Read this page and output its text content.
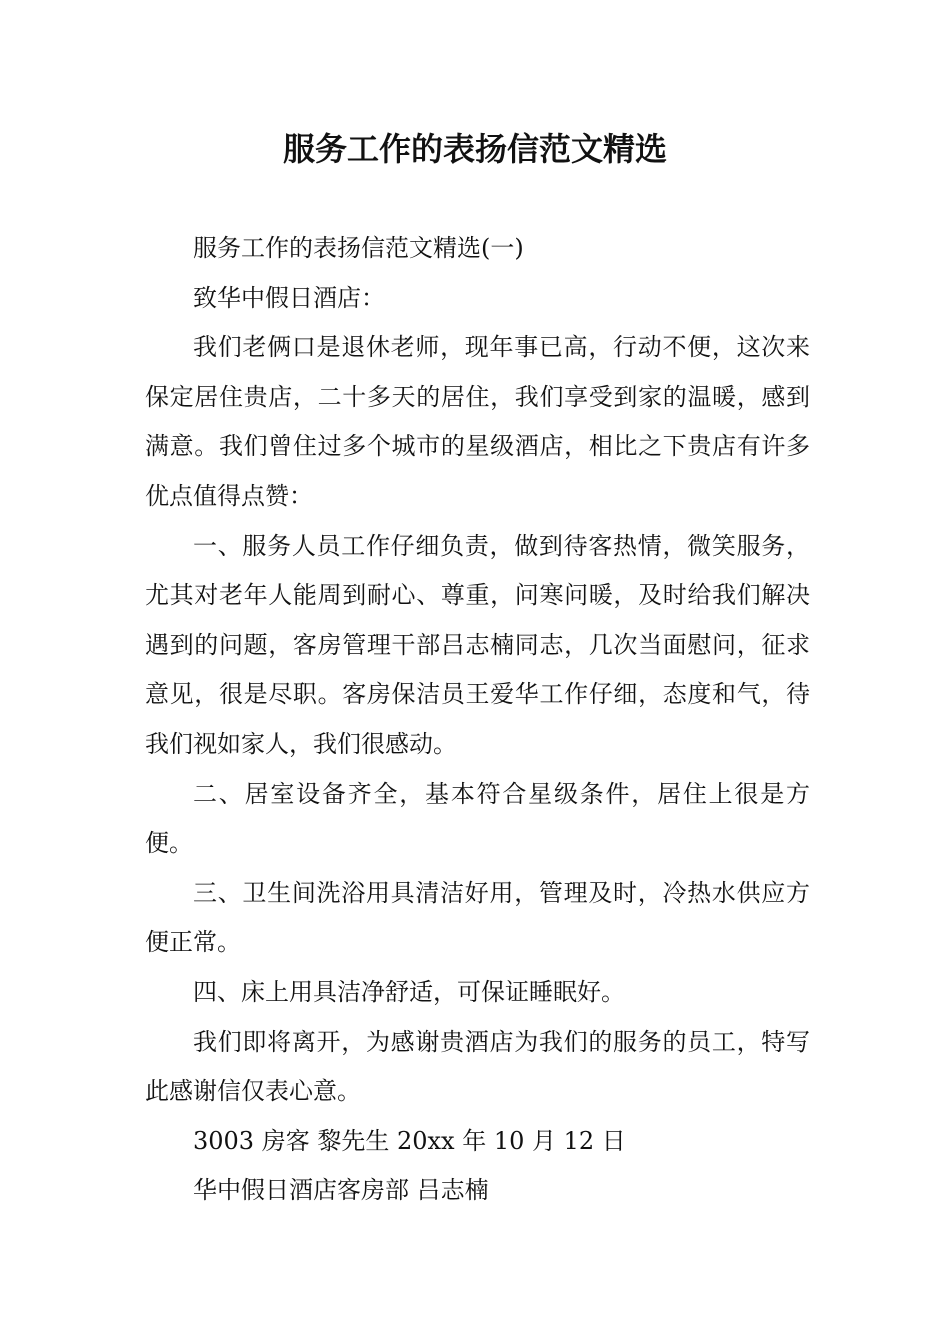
服务工作的表扬信范文精选

服务工作的表扬信范文精选(一)

致华中假日酒店：

我们老俩口是退休老师，现年事已高，行动不便，这次来保定居住贵店，二十多天的居住，我们享受到家的温暖，感到满意。我们曾住过多个城市的星级酒店，相比之下贵店有许多优点值得点赞：

一、服务人员工作仔细负责，做到待客热情，微笑服务，尤其对老年人能周到耐心、尊重，问寒问暖，及时给我们解决遇到的问题，客房管理干部吕志楠同志，几次当面慰问，征求意见，很是尽职。客房保洁员王爱华工作仔细，态度和气，待我们视如家人，我们很感动。

二、居室设备齐全，基本符合星级条件，居住上很是方便。

三、卫生间洗浴用具清洁好用，管理及时，冷热水供应方便正常。

四、床上用具洁净舒适，可保证睡眠好。

我们即将离开，为感谢贵酒店为我们的服务的员工，特写此感谢信仅表心意。

3003 房客 黎先生 20xx 年 10 月 12 日

华中假日酒店客房部 吕志楠
